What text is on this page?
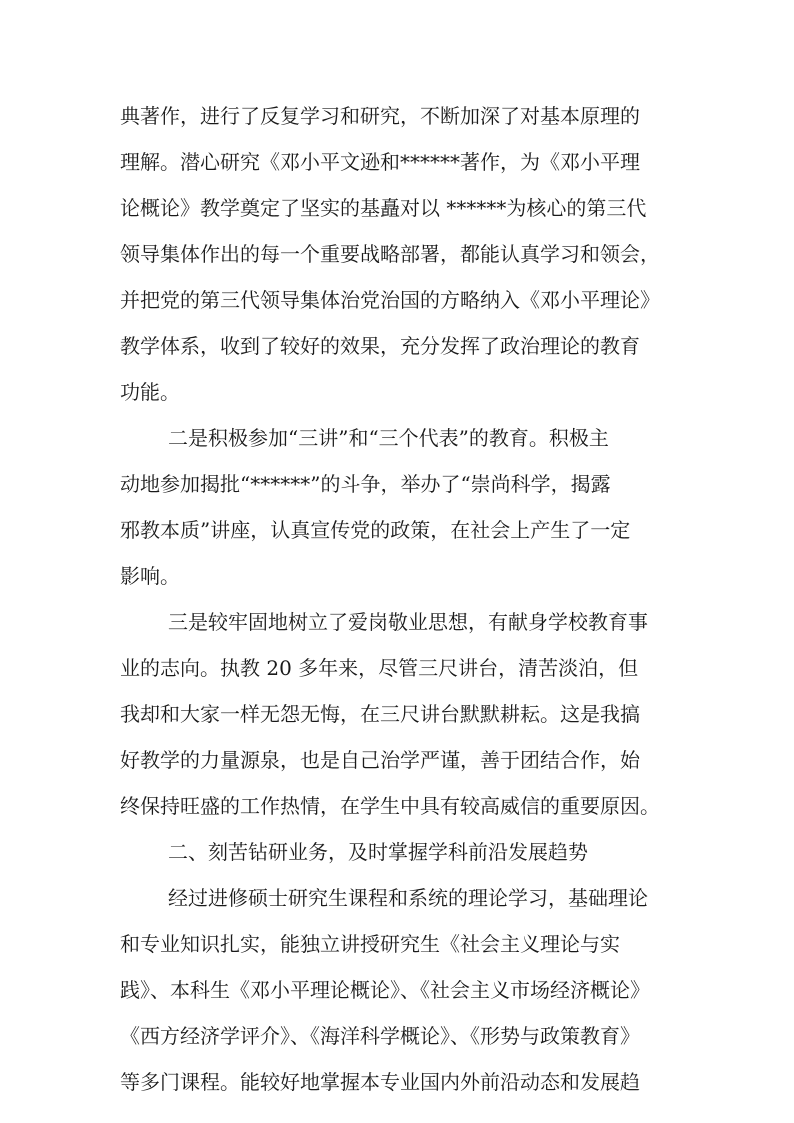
典著作，进行了反复学习和研究，不断加深了对基本原理的
理解。潜心研究《邓小平文逊和******著作，为《邓小平理
论概论》教学奠定了坚实的基矗对以 ******为核心的第三代
领导集体作出的每一个重要战略部署，都能认真学习和领会，
并把党的第三代领导集体治党治国的方略纳入《邓小平理论》
教学体系，收到了较好的效果，充分发挥了政治理论的教育
功能。
二是积极参加“三讲”和“三个代表”的教育。积极主
动地参加揭批“******”的斗争，举办了“崇尚科学，揭露
邪教本质”讲座，认真宣传党的政策，在社会上产生了一定
影响。
三是较牢固地树立了爱岗敬业思想，有献身学校教育事
业的志向。执教 20 多年来，尽管三尺讲台，清苦淡泊，但
我却和大家一样无怨无悔，在三尺讲台默默耕耘。这是我搞
好教学的力量源泉，也是自己治学严谨，善于团结合作，始
终保持旺盛的工作热情，在学生中具有较高威信的重要原因。
二、刻苦钻研业务，及时掌握学科前沿发展趋势
经过进修硕士研究生课程和系统的理论学习，基础理论
和专业知识扎实，能独立讲授研究生《社会主义理论与实
践》、本科生《邓小平理论概论》、《社会主义市场经济概论》
《西方经济学评介》、《海洋科学概论》、《形势与政策教育》
等多门课程。能较好地掌握本专业国内外前沿动态和发展趋
